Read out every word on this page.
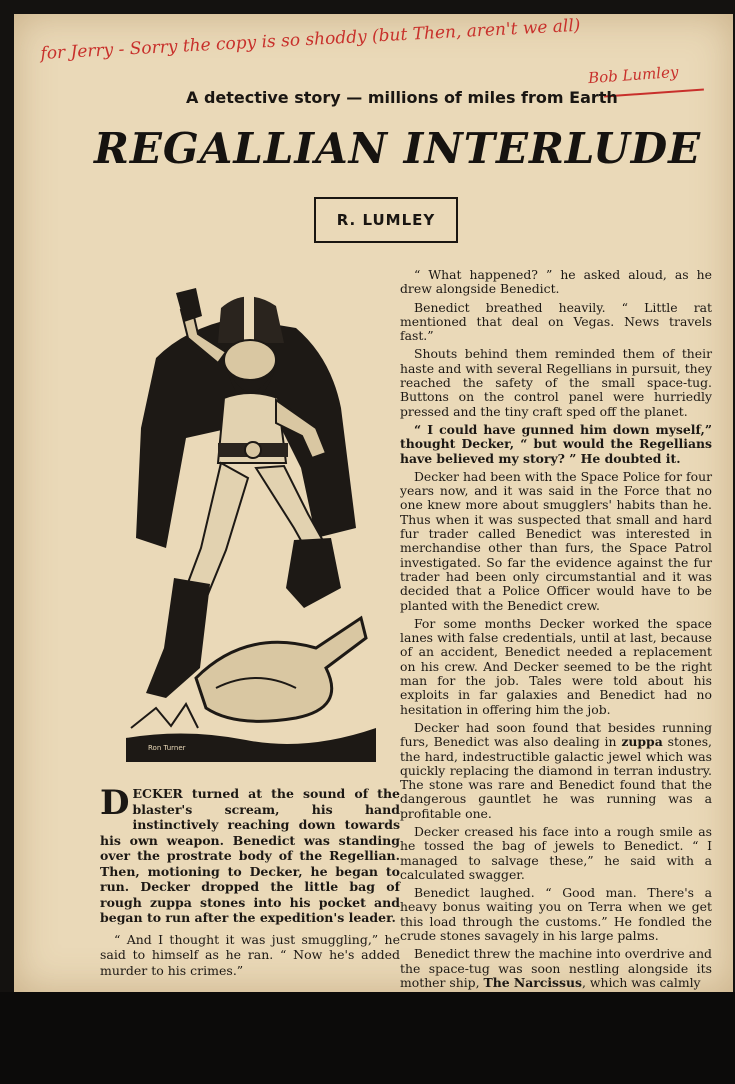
for Jerry - Sorry the copy is so shoddy (but Then, aren't we all)
Bob Lumley
A detective story — millions of miles from Earth
REGALLIAN INTERLUDE
R. LUMLEY
Ron Turner

DECKER turned at the sound of the blaster's scream, his hand instinctively reaching down towards his own weapon. Benedict was standing over the prostrate body of the Regellian. Then, motioning to Decker, he began to run. Decker dropped the little bag of rough zuppa stones into his pocket and began to run after the expedition's leader.

“ And I thought it was just smuggling,” he said to himself as he ran. “ Now he's added murder to his crimes.”

“ What happened? ” he asked aloud, as he drew alongside Benedict.

Benedict breathed heavily. “ Little rat mentioned that deal on Vegas. News travels fast.”

Shouts behind them reminded them of their haste and with several Regellians in pursuit, they reached the safety of the small space-tug. Buttons on the control panel were hurriedly pressed and the tiny craft sped off the planet.

“ I could have gunned him down myself,” thought Decker, “ but would the Regellians have believed my story? ” He doubted it.

Decker had been with the Space Police for four years now, and it was said in the Force that no one knew more about smugglers' habits than he. Thus when it was suspected that small and hard fur trader called Benedict was interested in merchandise other than furs, the Space Patrol investigated. So far the evidence against the fur trader had been only circumstantial and it was decided that a Police Officer would have to be planted with the Benedict crew.

For some months Decker worked the space lanes with false credentials, until at last, because of an accident, Benedict needed a replacement on his crew. And Decker seemed to be the right man for the job. Tales were told about his exploits in far galaxies and Benedict had no hesitation in offering him the job.

Decker had soon found that besides running furs, Benedict was also dealing in zuppa stones, the hard, indestructible galactic jewel which was quickly replacing the diamond in terran industry. The stone was rare and Benedict found that the dangerous gauntlet he was running was a profitable one.

Decker creased his face into a rough smile as he tossed the bag of jewels to Benedict. “ I managed to salvage these,” he said with a calculated swagger.

Benedict laughed. “ Good man. There's a heavy bonus waiting you on Terra when we get this load through the customs.” He fondled the crude stones savagely in his large palms.

Benedict threw the machine into overdrive and the space-tug was soon nestling alongside its mother ship, The Narcissus, which was calmly
